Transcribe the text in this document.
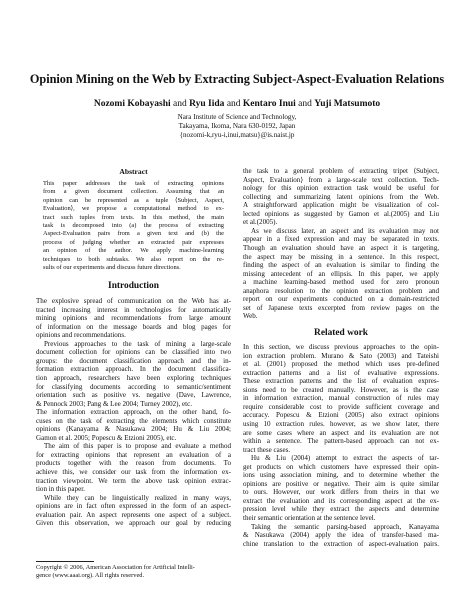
Opinion Mining on the Web by Extracting Subject-Aspect-Evaluation Relations
Nozomi Kobayashi and Ryu Iida and Kentaro Inui and Yuji Matsumoto
Nara Institute of Science and Technology,
Takayama, Ikoma, Nara 630-0192, Japan
{nozomi-k,ryu-i,inui,matsu}@is.naist.jp
Abstract
This paper addresses the task of extracting opinions
from a given document collection. Assuming that an
opinion can be represented as a tuple ⟨Subject, Aspect,
Evaluation⟩, we propose a computational method to ex-
tract such tuples from texts. In this method, the main
task is decomposed into (a) the process of extracting
Aspect-Evaluation pairs from a given text and (b) the
process of judging whether an extracted pair expresses
an opinion of the author. We apply machine-learning
techniques to both subtasks. We also report on the re-
sults of our experiments and discuss future directions.
Introduction
The explosive spread of communication on the Web has at-
tracted increasing interest in technologies for automatically
mining opinions and recommendations from large amount
of information on the message boards and blog pages for
opinions and recommendations.
Previous approaches to the task of mining a large-scale
document collection for opinions can be classified into two
groups: the document classification approach and the in-
formation extraction approach. In the document classifica-
tion approach, researchers have been exploring techniques
for classifying documents according to semantic/sentiment
orientation such as positive vs. negative (Dave, Lawrence,
& Pennock 2003; Pang & Lee 2004; Turney 2002), etc.
The information extraction approach, on the other hand, fo-
cuses on the task of extracting the elements which constitute
opinions (Kanayama & Nasukawa 2004; Hu & Liu 2004;
Gamon et al. 2005; Popescu & Etzioni 2005), etc.
The aim of this paper is to propose and evaluate a method
for extracting opinions that represent an evaluation of a
products together with the reason from documents. To
achieve this, we consider our task from the information ex-
traction viewpoint. We term the above task opinion extrac-
tion in this paper.
While they can be linguistically realized in many ways,
opinions are in fact often expressed in the form of an aspect-
evaluation pair. An aspect represents one aspect of a subject.
Given this observation, we approach our goal by reducing
Copyright © 2006, American Association for Artificial Intelli-
gence (www.aaai.org). All rights reserved.
the task to a general problem of extracting tripet ⟨Subject,
Aspect, Evaluation⟩ from a large-scale text collection. Tech-
nology for this opinion extraction task would be useful for
collecting and summarizing latent opinions from the Web.
A straightforward application might be visualization of col-
lected opinions as suggested by Gamon et al.(2005) and Liu
et al.(2005).
As we discuss later, an aspect and its evaluation may not
appear in a fixed expression and may be separated in texts.
Though an evaluation should have an aspect it is targeting,
the aspect may be missing in a sentence. In this respect,
finding the aspect of an evaluation is similar to finding the
missing antecedent of an ellipsis. In this paper, we apply
a machine learning-based method used for zero pronoun
anaphora resolution to the opinion extraction problem and
report on our experiments conducted on a domain-restricted
set of Japanese texts excerpted from review pages on the
Web.
Related work
In this section, we discuss previous approaches to the opin-
ion extraction problem. Murano & Sato (2003) and Tateishi
et al. (2001) proposed the method which uses pre-defined
extraction patterns and a list of evaluative expressions.
These extraction patterns and the list of evaluation expres-
sions need to be created manually. However, as is the case
in information extraction, manual construction of rules may
require considerable cost to provide sufficient coverage and
accuracy. Popescu & Etzioni (2005) also extract opinions
using 10 extraction rules. however, as we show later, there
are some cases where an aspect and its evaluation are not
within a sentence. The pattern-based approach can not ex-
tract these cases.
Hu & Liu (2004) attempt to extract the aspects of tar-
get products on which customers have expressed their opin-
ions using association mining, and to determine whether the
opinions are positive or negative. Their aim is quite similar
to ours. However, our work differs from theirs in that we
extract the evaluation and its corresponding aspect at the ex-
pression level while they extract the aspects and determine
their semantic orientation at the sentence level.
Taking the semantic parsing-based approach, Kanayama
& Nasukawa (2004) apply the idea of transfer-based ma-
chine translation to the extraction of aspect-evaluation pairs.
